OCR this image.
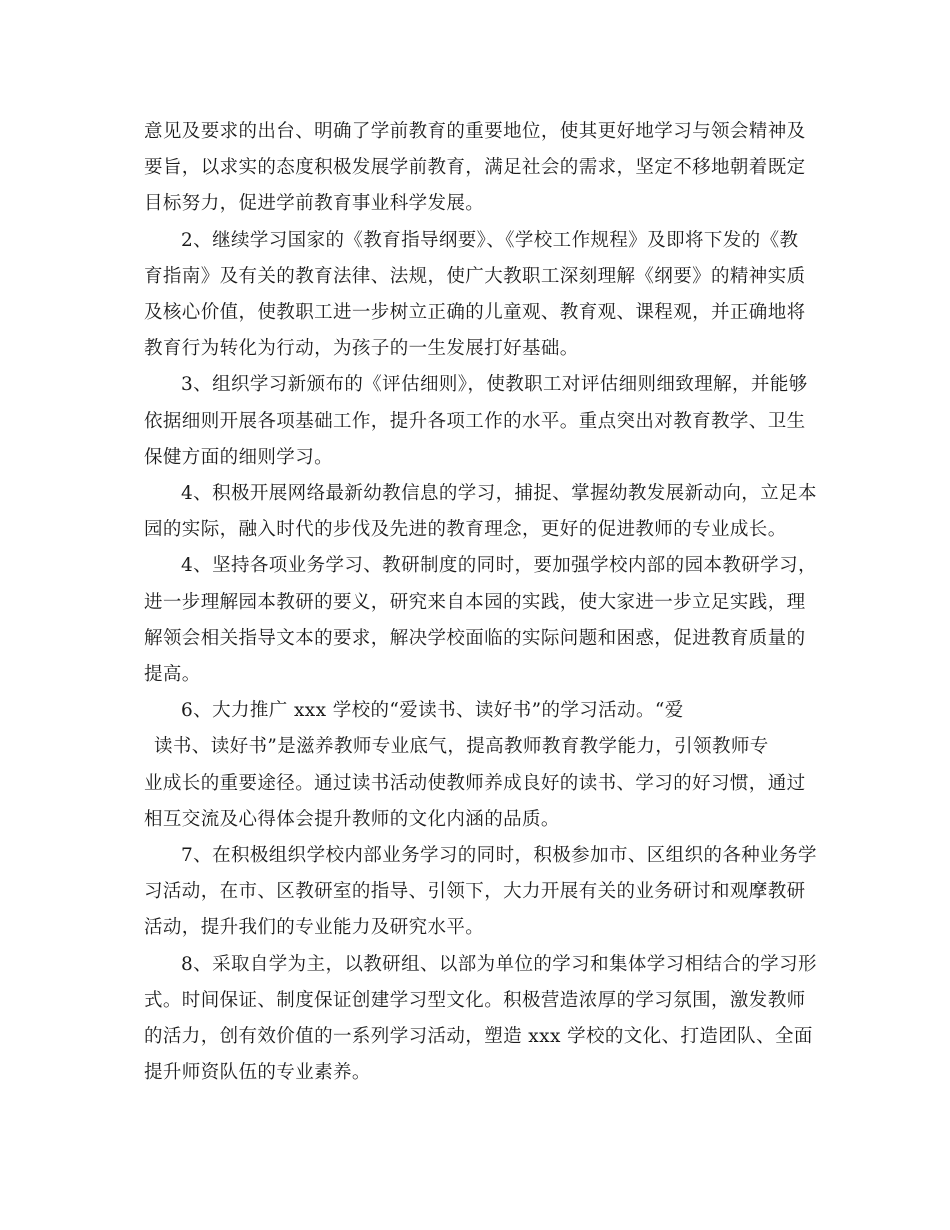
意见及要求的出台、明确了学前教育的重要地位，使其更好地学习与领会精神及
要旨，以求实的态度积极发展学前教育，满足社会的需求，坚定不移地朝着既定
目标努力，促进学前教育事业科学发展。
2、继续学习国家的《教育指导纲要》、《学校工作规程》及即将下发的《教
育指南》及有关的教育法律、法规，使广大教职工深刻理解《纲要》的精神实质
及核心价值，使教职工进一步树立正确的儿童观、教育观、课程观，并正确地将
教育行为转化为行动，为孩子的一生发展打好基础。
3、组织学习新颁布的《评估细则》，使教职工对评估细则细致理解，并能够
依据细则开展各项基础工作，提升各项工作的水平。重点突出对教育教学、卫生
保健方面的细则学习。
4、积极开展网络最新幼教信息的学习，捕捉、掌握幼教发展新动向，立足本
园的实际，融入时代的步伐及先进的教育理念，更好的促进教师的专业成长。
4、坚持各项业务学习、教研制度的同时，要加强学校内部的园本教研学习，
进一步理解园本教研的要义，研究来自本园的实践，使大家进一步立足实践，理
解领会相关指导文本的要求，解决学校面临的实际问题和困惑，促进教育质量的
提高。
6、大力推广 xxx 学校的“爱读书、读好书”的学习活动。“爱
读书、读好书”是滋养教师专业底气，提高教师教育教学能力，引领教师专
业成长的重要途径。通过读书活动使教师养成良好的读书、学习的好习惯，通过
相互交流及心得体会提升教师的文化内涵的品质。
7、在积极组织学校内部业务学习的同时，积极参加市、区组织的各种业务学
习活动，在市、区教研室的指导、引领下，大力开展有关的业务研讨和观摩教研
活动，提升我们的专业能力及研究水平。
8、采取自学为主，以教研组、以部为单位的学习和集体学习相结合的学习形
式。时间保证、制度保证创建学习型文化。积极营造浓厚的学习氛围，激发教师
的活力，创有效价值的一系列学习活动，塑造 xxx 学校的文化、打造团队、全面
提升师资队伍的专业素养。
